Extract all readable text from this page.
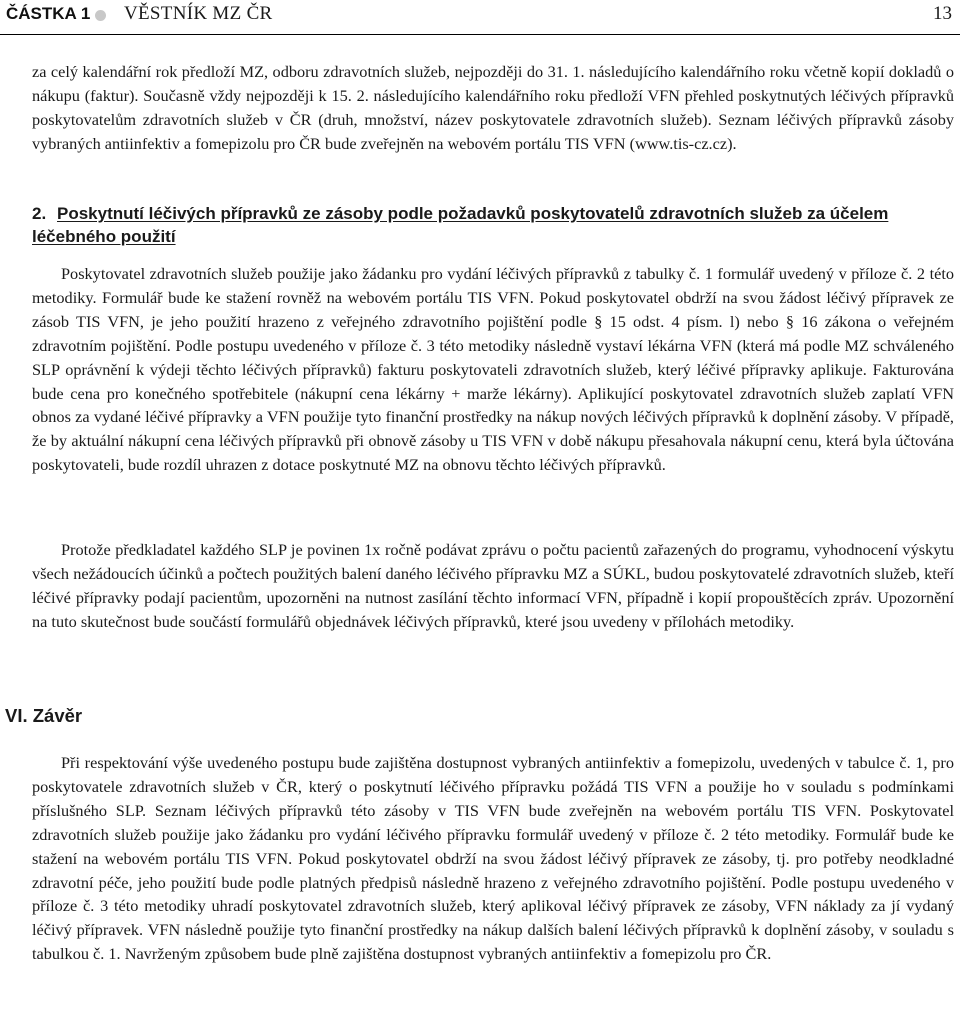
ČÁSTKA 1 VĚSTNÍK MZ ČR	13

za celý kalendářní rok předloží MZ, odboru zdravotních služeb, nejpozději do 31. 1. následujícího kalendářního roku včetně kopií dokladů o nákupu (faktur). Současně vždy nejpozději k 15. 2. následujícího kalendářního roku předloží VFN přehled poskytnutých léčivých přípravků poskytovatelům zdravotních služeb v ČR (druh, množství, název poskytovatele zdravotních služeb). Seznam léčivých přípravků zásoby vybraných antiinfektiv a fomepizolu pro ČR bude zveřejněn na webovém portálu TIS VFN (www.tis-cz.cz).

2. Poskytnutí léčivých přípravků ze zásoby podle požadavků poskytovatelů zdravotních služeb za účelem léčebného použití

Poskytovatel zdravotních služeb použije jako žádanku pro vydání léčivých přípravků z tabulky č. 1 formulář uvedený v příloze č. 2 této metodiky. Formulář bude ke stažení rovněž na webovém portálu TIS VFN. Pokud poskytovatel obdrží na svou žádost léčivý přípravek ze zásob TIS VFN, je jeho použití hrazeno z veřejného zdravotního pojištění podle § 15 odst. 4 písm. l) nebo § 16 zákona o veřejném zdravotním pojištění. Podle postupu uvedeného v příloze č. 3 této metodiky následně vystaví lékárna VFN (která má podle MZ schváleného SLP oprávnění k výdeji těchto léčivých přípravků) fakturu poskytovateli zdravotních služeb, který léčivé přípravky aplikuje. Fakturována bude cena pro konečného spotřebitele (nákupní cena lékárny + marže lékárny). Aplikující poskytovatel zdravotních služeb zaplatí VFN obnos za vydané léčivé přípravky a VFN použije tyto finanční prostředky na nákup nových léčivých přípravků k doplnění zásoby. V případě, že by aktuální nákupní cena léčivých přípravků při obnově zásoby u TIS VFN v době nákupu přesahovala nákupní cenu, která byla účtována poskytovateli, bude rozdíl uhrazen z dotace poskytnuté MZ na obnovu těchto léčivých přípravků.

Protože předkladatel každého SLP je povinen 1x ročně podávat zprávu o počtu pacientů zařazených do programu, vyhodnocení výskytu všech nežádoucích účinků a počtech použitých balení daného léčivého přípravku MZ a SÚKL, budou poskytovatelé zdravotních služeb, kteří léčivé přípravky podají pacientům, upozorněni na nutnost zasílání těchto informací VFN, případně i kopií propouštěcích zpráv. Upozornění na tuto skutečnost bude součástí formulářů objednávek léčivých přípravků, které jsou uvedeny v přílohách metodiky.

VI. Závěr

Při respektování výše uvedeného postupu bude zajištěna dostupnost vybraných antiinfektiv a fomepizolu, uvedených v tabulce č. 1, pro poskytovatele zdravotních služeb v ČR, který o poskytnutí léčivého přípravku požádá TIS VFN a použije ho v souladu s podmínkami příslušného SLP. Seznam léčivých přípravků této zásoby v TIS VFN bude zveřejněn na webovém portálu TIS VFN. Poskytovatel zdravotních služeb použije jako žádanku pro vydání léčivého přípravku formulář uvedený v příloze č. 2 této metodiky. Formulář bude ke stažení na webovém portálu TIS VFN. Pokud poskytovatel obdrží na svou žádost léčivý přípravek ze zásoby, tj. pro potřeby neodkladné zdravotní péče, jeho použití bude podle platných předpisů následně hrazeno z veřejného zdravotního pojištění. Podle postupu uvedeného v příloze č. 3 této metodiky uhradí poskytovatel zdravotních služeb, který aplikoval léčivý přípravek ze zásoby, VFN náklady za jí vydaný léčivý přípravek. VFN následně použije tyto finanční prostředky na nákup dalších balení léčivých přípravků k doplnění zásoby, v souladu s tabulkou č. 1. Navrženým způsobem bude plně zajištěna dostupnost vybraných antiinfektiv a fomepizolu pro ČR.
